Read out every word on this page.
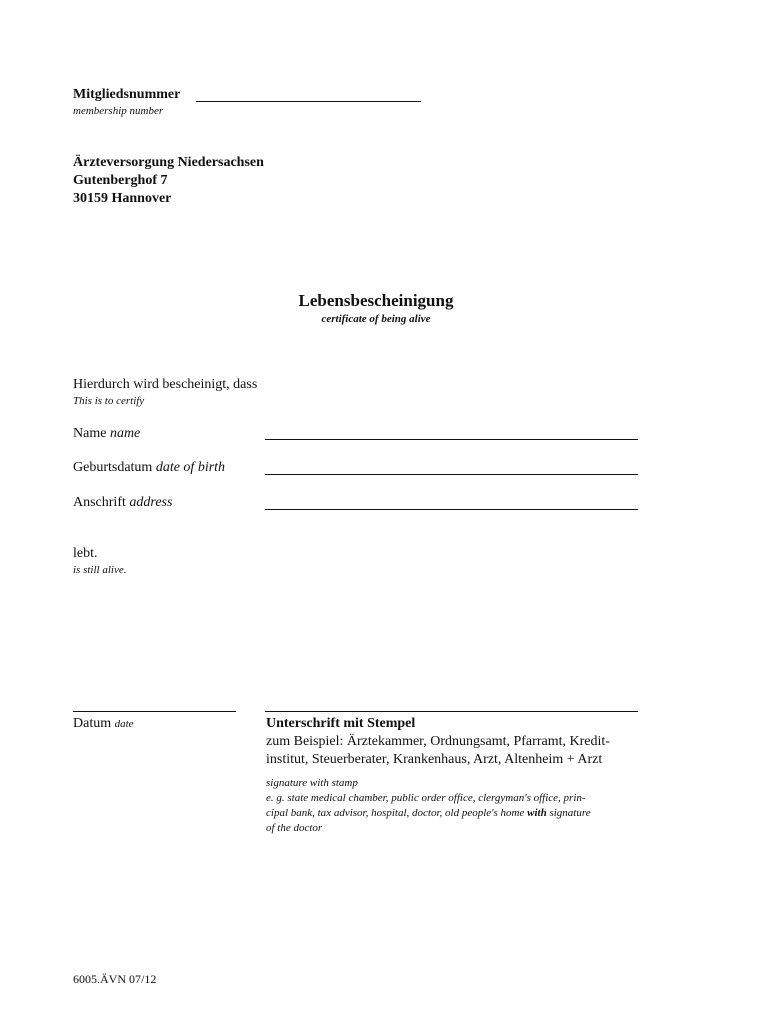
Mitgliedsnummer
membership number
Ärzteversorgung Niedersachsen
Gutenberghof 7
30159 Hannover
Lebensbescheinigung
certificate of being alive
Hierdurch wird bescheinigt, dass
This is to certify
Name name
Geburtsdatum date of birth
Anschrift address
lebt.
is still alive.
Datum date	Unterschrift mit Stempel
zum Beispiel: Ärztekammer, Ordnungsamt, Pfarramt, Kredit-
institut, Steuerberater, Krankenhaus, Arzt, Altenheim + Arzt
signature with stamp
e. g. state medical chamber, public order office, clergyman's office, prin-
cipal bank, tax advisor, hospital, doctor, old people's home with signature
of the doctor
6005.ÄVN 07/12
